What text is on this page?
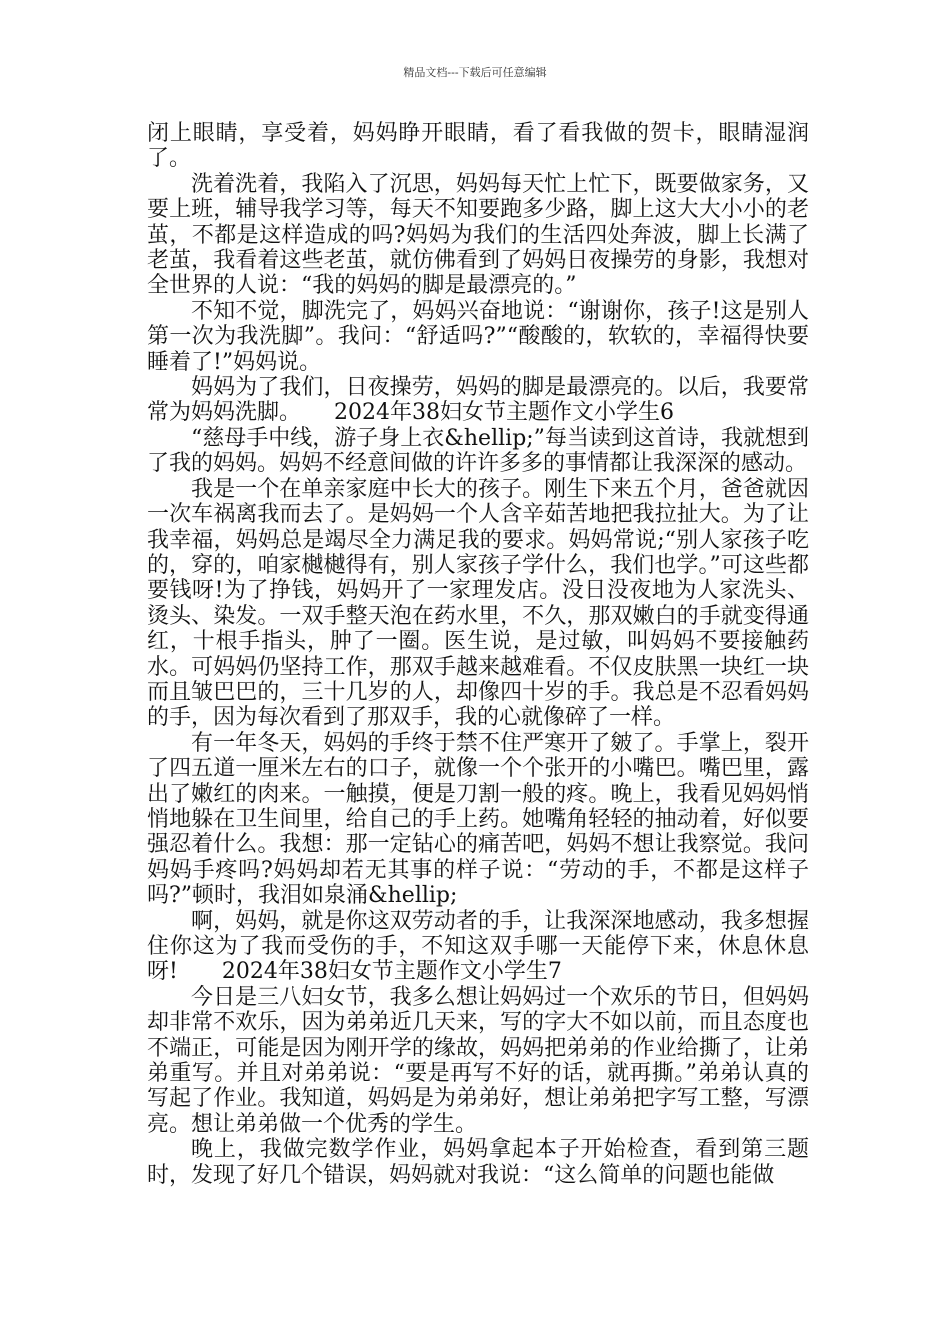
精品文档---下载后可任意编辑

闭上眼睛，享受着，妈妈睁开眼睛，看了看我做的贺卡，眼睛湿润了。

洗着洗着，我陷入了沉思，妈妈每天忙上忙下，既要做家务，又要上班，辅导我学习等，每天不知要跑多少路，脚上这大大小小的老茧，不都是这样造成的吗?妈妈为我们的生活四处奔波，脚上长满了老茧，我看着这些老茧，就仿佛看到了妈妈日夜操劳的身影，我想对全世界的人说：“我的妈妈的脚是最漂亮的。”

不知不觉，脚洗完了，妈妈兴奋地说：“谢谢你，孩子!这是别人第一次为我洗脚”。我问：“舒适吗?”“酸酸的，软软的，幸福得快要睡着了!”妈妈说。

妈妈为了我们，日夜操劳，妈妈的脚是最漂亮的。以后，我要常常为妈妈洗脚。　　2024年38妇女节主题作文小学生6

“慈母手中线，游子身上衣&hellip;”每当读到这首诗，我就想到了我的妈妈。妈妈不经意间做的许许多多的事情都让我深深的感动。

我是一个在单亲家庭中长大的孩子。刚生下来五个月，爸爸就因一次车祸离我而去了。是妈妈一个人含辛茹苦地把我拉扯大。为了让我幸福，妈妈总是竭尽全力满足我的要求。妈妈常说;“别人家孩子吃的，穿的，咱家樾樾得有，别人家孩子学什么，我们也学。”可这些都要钱呀!为了挣钱，妈妈开了一家理发店。没日没夜地为人家洗头、烫头、染发。一双手整天泡在药水里，不久，那双嫩白的手就变得通红，十根手指头，肿了一圈。医生说，是过敏，叫妈妈不要接触药水。可妈妈仍坚持工作，那双手越来越难看。不仅皮肤黑一块红一块而且皱巴巴的，三十几岁的人，却像四十岁的手。我总是不忍看妈妈的手，因为每次看到了那双手，我的心就像碎了一样。

有一年冬天，妈妈的手终于禁不住严寒开了皴了。手掌上，裂开了四五道一厘米左右的口子，就像一个个张开的小嘴巴。嘴巴里，露出了嫩红的肉来。一触摸，便是刀割一般的疼。晚上，我看见妈妈悄悄地躲在卫生间里，给自己的手上药。她嘴角轻轻的抽动着，好似要强忍着什么。我想：那一定钻心的痛苦吧，妈妈不想让我察觉。我问妈妈手疼吗?妈妈却若无其事的样子说：“劳动的手，不都是这样子吗?”顿时，我泪如泉涌&hellip;

啊，妈妈，就是你这双劳动者的手，让我深深地感动，我多想握住你这为了我而受伤的手，不知这双手哪一天能停下来，休息休息呀!　　2024年38妇女节主题作文小学生7

今日是三八妇女节，我多么想让妈妈过一个欢乐的节日，但妈妈却非常不欢乐，因为弟弟近几天来，写的字大不如以前，而且态度也不端正，可能是因为刚开学的缘故，妈妈把弟弟的作业给撕了，让弟弟重写。并且对弟弟说：“要是再写不好的话，就再撕。”弟弟认真的写起了作业。我知道，妈妈是为弟弟好，想让弟弟把字写工整，写漂亮。想让弟弟做一个优秀的学生。

晚上，我做完数学作业，妈妈拿起本子开始检查，看到第三题时，发现了好几个错误，妈妈就对我说：“这么简单的问题也能做
